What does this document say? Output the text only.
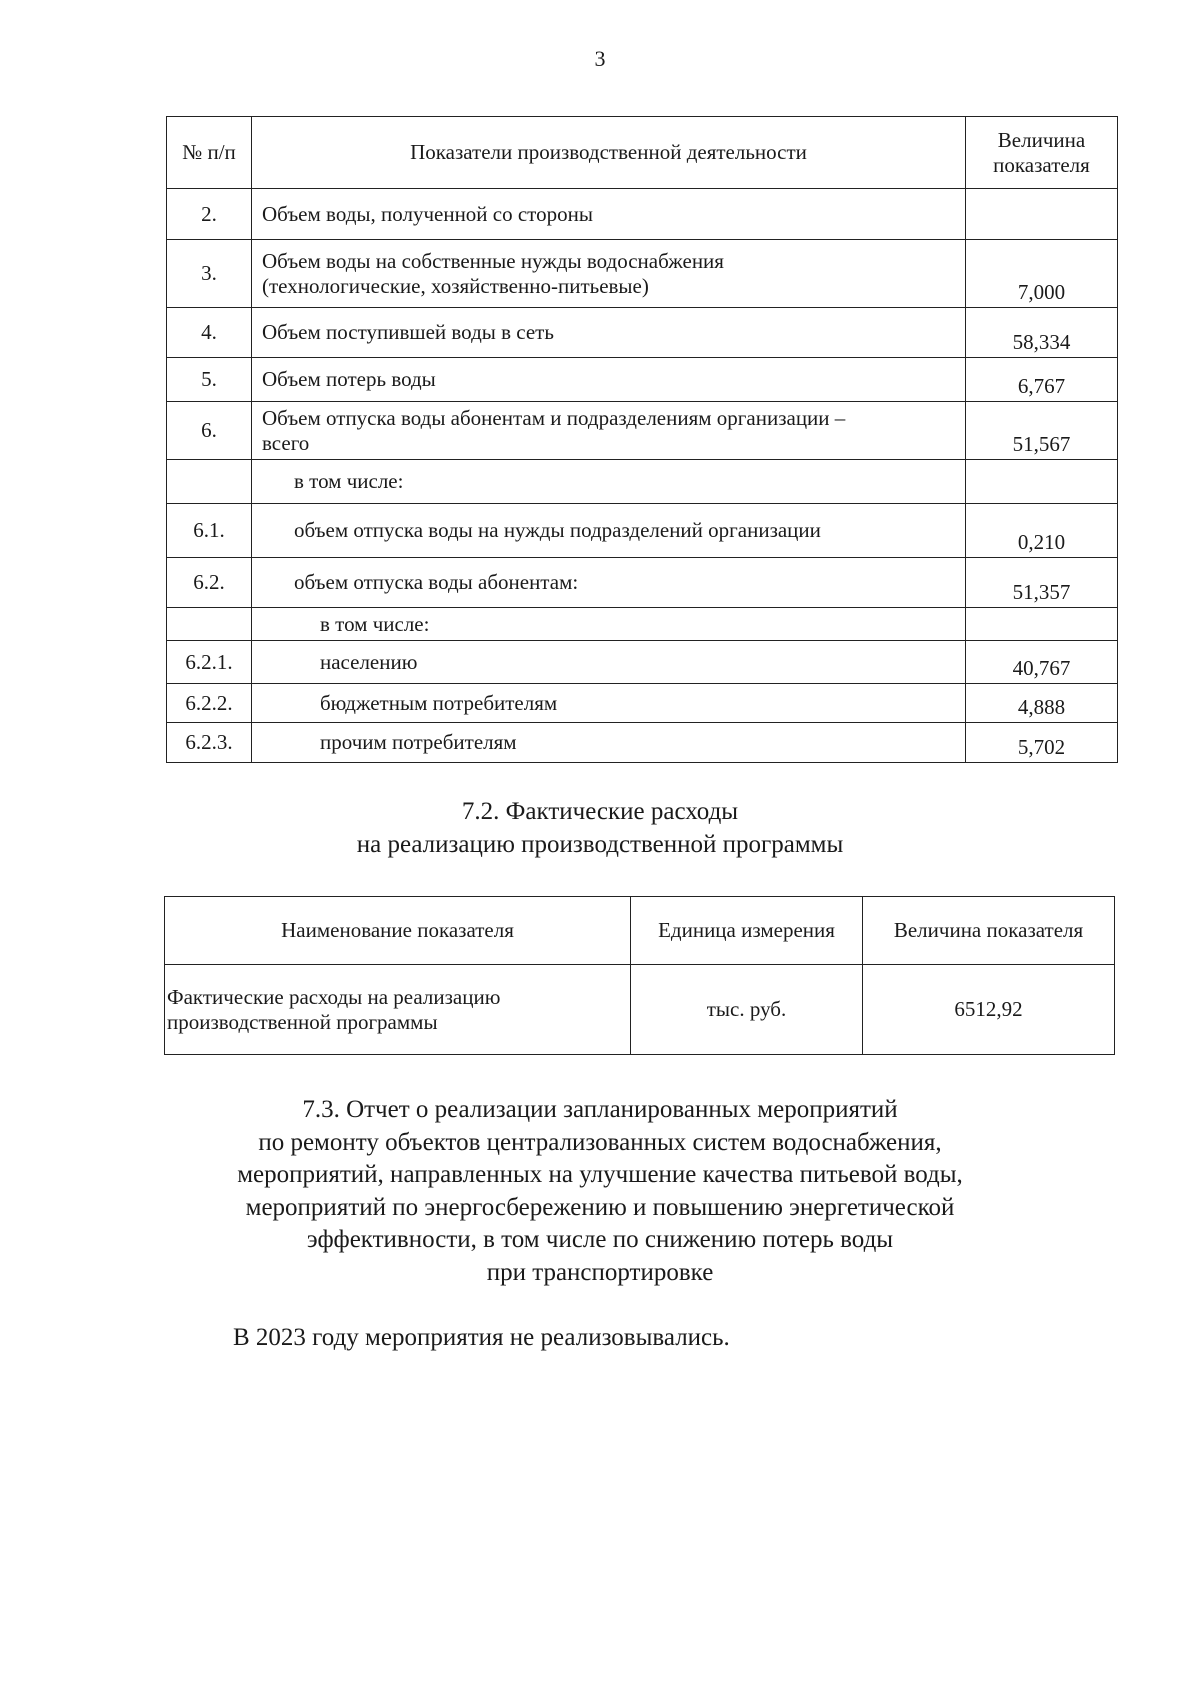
3
№ п/п	Показатели производственной деятельности	Величина
показателя
2.	Объем воды, полученной со стороны	
3.	Объем воды на собственные нужды водоснабжения
(технологические, хозяйственно-питьевые)	7,000
4.	Объем поступившей воды в сеть	58,334
5.	Объем потерь воды	6,767
6.	Объем отпуска воды абонентам и подразделениям организации –
всего	51,567
	в том числе:	
6.1.	объем отпуска воды на нужды подразделений организации	0,210
6.2.	объем отпуска воды абонентам:	51,357
	в том числе:	
6.2.1.	населению	40,767
6.2.2.	бюджетным потребителям	4,888
6.2.3.	прочим потребителям	5,702
7.2. Фактические расходы
на реализацию производственной программы
Наименование показателя	Единица измерения	Величина показателя
Фактические расходы на реализацию
производственной программы	тыс. руб.	6512,92
7.3. Отчет о реализации запланированных мероприятий
по ремонту объектов централизованных систем водоснабжения,
мероприятий, направленных на улучшение качества питьевой воды,
мероприятий по энергосбережению и повышению энергетической
эффективности, в том числе по снижению потерь воды
при транспортировке
В 2023 году мероприятия не реализовывались.
